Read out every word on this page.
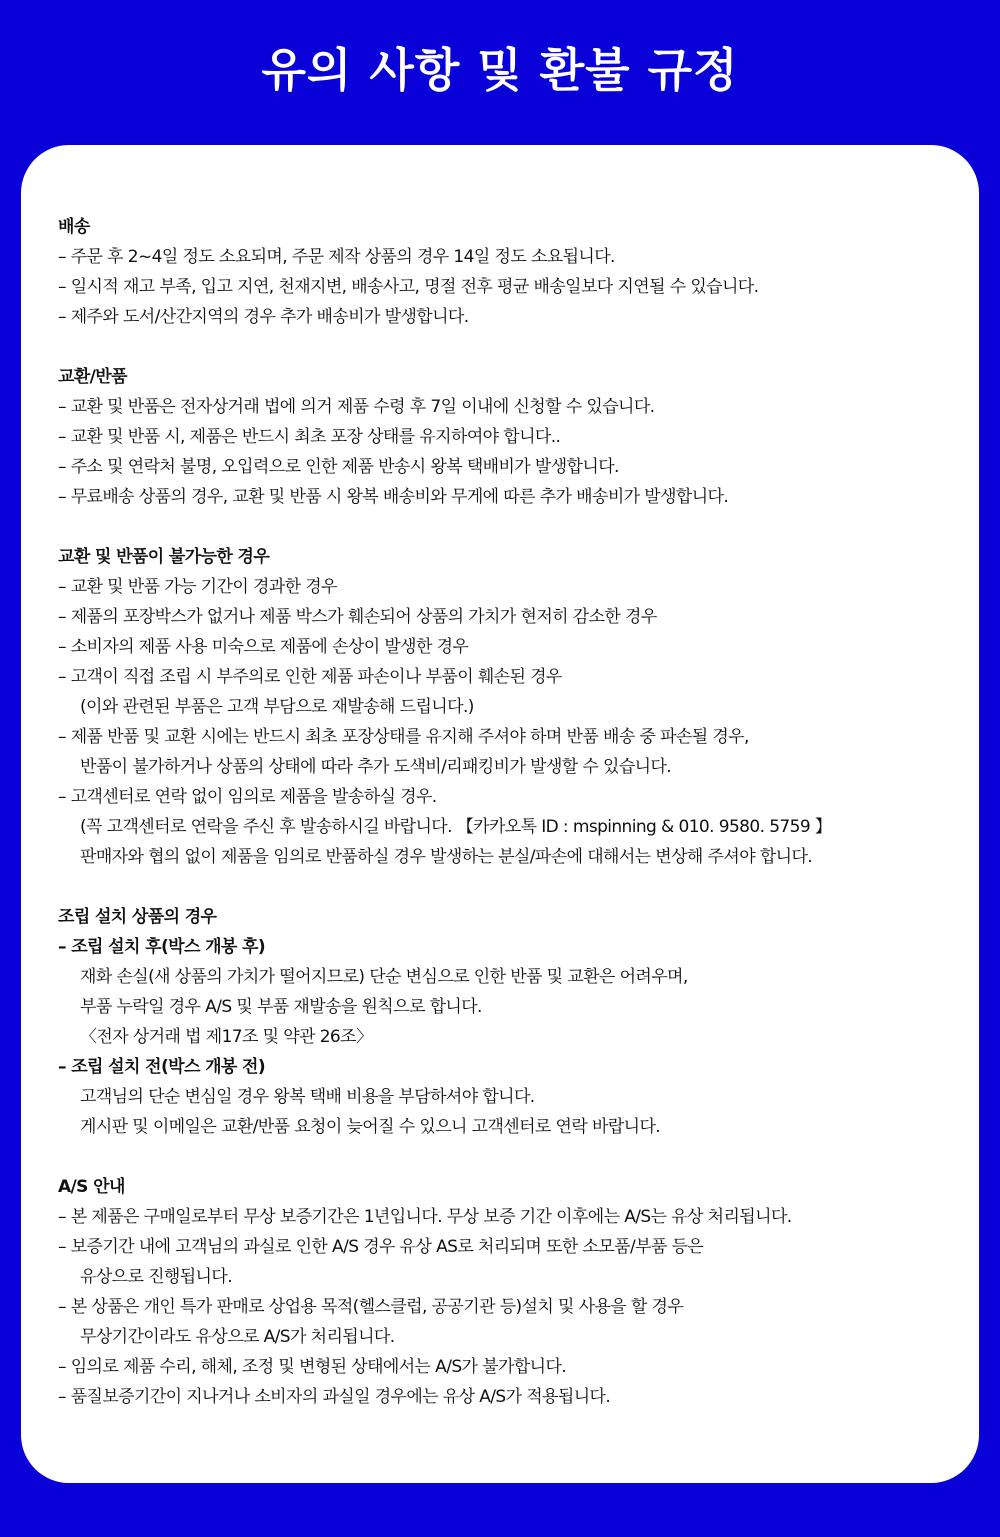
유의 사항 및 환불 규정

배송

– 주문 후 2~4일 정도 소요되며, 주문 제작 상품의 경우 14일 정도 소요됩니다.

– 일시적 재고 부족, 입고 지연, 천재지변, 배송사고, 명절 전후 평균 배송일보다 지연될 수 있습니다.

– 제주와 도서/산간지역의 경우 추가 배송비가 발생합니다.

교환/반품

– 교환 및 반품은 전자상거래 법에 의거 제품 수령 후 7일 이내에 신청할 수 있습니다.

– 교환 및 반품 시, 제품은 반드시 최초 포장 상태를 유지하여야 합니다..

– 주소 및 연락처 불명, 오입력으로 인한 제품 반송시 왕복 택배비가 발생합니다.

– 무료배송 상품의 경우, 교환 및 반품 시 왕복 배송비와 무게에 따른 추가 배송비가 발생합니다.

교환 및 반품이 불가능한 경우

– 교환 및 반품 가능 기간이 경과한 경우

– 제품의 포장박스가 없거나 제품 박스가 훼손되어 상품의 가치가 현저히 감소한 경우

– 소비자의 제품 사용 미숙으로 제품에 손상이 발생한 경우

– 고객이 직접 조립 시 부주의로 인한 제품 파손이나 부품이 훼손된 경우

(이와 관련된 부품은 고객 부담으로 재발송해 드립니다.)

– 제품 반품 및 교환 시에는 반드시 최초 포장상태를 유지해 주셔야 하며 반품 배송 중 파손될 경우,

반품이 불가하거나 상품의 상태에 따라 추가 도색비/리패킹비가 발생할 수 있습니다.

– 고객센터로 연락 없이 임의로 제품을 발송하실 경우.

(꼭 고객센터로 연락을 주신 후 발송하시길 바랍니다. 【카카오톡 ID : mspinning & 010. 9580. 5759 】

판매자와 협의 없이 제품을 임의로 반품하실 경우 발생하는 분실/파손에 대해서는 변상해 주셔야 합니다.

조립 설치 상품의 경우

– 조립 설치 후(박스 개봉 후)

재화 손실(새 상품의 가치가 떨어지므로) 단순 변심으로 인한 반품 및 교환은 어려우며,

부품 누락일 경우 A/S 및 부품 재발송을 원칙으로 합니다.

〈전자 상거래 법 제17조 및 약관 26조〉

– 조립 설치 전(박스 개봉 전)

고객님의 단순 변심일 경우 왕복 택배 비용을 부담하셔야 합니다.

게시판 및 이메일은 교환/반품 요청이 늦어질 수 있으니 고객센터로 연락 바랍니다.

A/S 안내

– 본 제품은 구매일로부터 무상 보증기간은 1년입니다. 무상 보증 기간 이후에는 A/S는 유상 처리됩니다.

– 보증기간 내에 고객님의 과실로 인한 A/S 경우 유상 AS로 처리되며 또한 소모품/부품 등은

유상으로 진행됩니다.

– 본 상품은 개인 특가 판매로 상업용 목적(헬스클럽, 공공기관 등)설치 및 사용을 할 경우

무상기간이라도 유상으로 A/S가 처리됩니다.

– 임의로 제품 수리, 해체, 조정 및 변형된 상태에서는 A/S가 불가합니다.

– 품질보증기간이 지나거나 소비자의 과실일 경우에는 유상 A/S가 적용됩니다.
